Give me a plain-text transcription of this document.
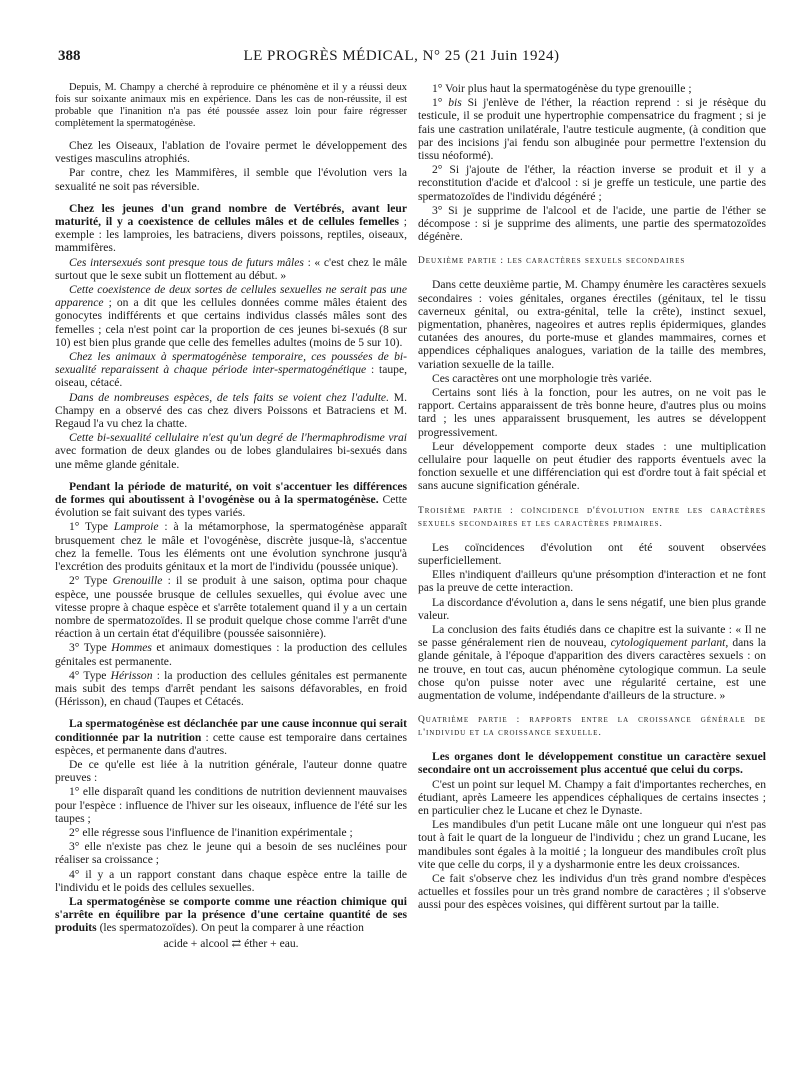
388	LE PROGRÈS MÉDICAL, N° 25 (21 Juin 1924)

Depuis, M. Champy a cherché à reproduire ce phénomène et il y a réussi deux fois sur soixante animaux mis en expérience. Dans les cas de non-réussite, il est probable que l'inanition n'a pas été poussée assez loin pour faire régresser complètement la spermatogénèse.

Chez les Oiseaux, l'ablation de l'ovaire permet le développement des vestiges masculins atrophiés.

Par contre, chez les Mammifères, il semble que l'évolution vers la sexualité ne soit pas réversible.

Chez les jeunes d'un grand nombre de Vertébrés, avant leur maturité, il y a coexistence de cellules mâles et de cellules femelles ; exemple : les lamproies, les batraciens, divers poissons, reptiles, oiseaux, mammifères.

Ces intersexués sont presque tous de futurs mâles : « c'est chez le mâle surtout que le sexe subit un flottement au début. »

Cette coexistence de deux sortes de cellules sexuelles ne serait pas une apparence ; on a dit que les cellules données comme mâles étaient des gonocytes indifférents et que certains individus classés mâles sont des femelles ; cela n'est point car la proportion de ces jeunes bi-sexués (8 sur 10) est bien plus grande que celle des femelles adultes (moins de 5 sur 10).

Chez les animaux à spermatogénèse temporaire, ces poussées de bi-sexualité reparaissent à chaque période inter-spermatogénétique : taupe, oiseau, cétacé.

Dans de nombreuses espèces, de tels faits se voient chez l'adulte. M. Champy en a observé des cas chez divers Poissons et Batraciens et M. Regaud l'a vu chez la chatte.

Cette bi-sexualité cellulaire n'est qu'un degré de l'hermaphrodisme vrai avec formation de deux glandes ou de lobes glandulaires bi-sexués dans une même glande génitale.

Pendant la période de maturité, on voit s'accentuer les différences de formes qui aboutissent à l'ovogénèse ou à la spermatogénèse. Cette évolution se fait suivant des types variés.

1° Type Lamproie : à la métamorphose, la spermatogénèse apparaît brusquement chez le mâle et l'ovogénèse, discrète jusque-là, s'accentue chez la femelle. Tous les éléments ont une évolution synchrone jusqu'à l'excrétion des produits génitaux et la mort de l'individu (poussée unique).

2° Type Grenouille : il se produit à une saison, optima pour chaque espèce, une poussée brusque de cellules sexuelles, qui évolue avec une vitesse propre à chaque espèce et s'arrête totalement quand il y a un certain nombre de spermatozoïdes. Il se produit quelque chose comme l'arrêt d'une réaction à un certain état d'équilibre (poussée saisonnière).

3° Type Hommes et animaux domestiques : la production des cellules génitales est permanente.

4° Type Hérisson : la production des cellules génitales est permanente mais subit des temps d'arrêt pendant les saisons défavorables, en froid (Hérisson), en chaud (Taupes et Cétacés.

La spermatogénèse est déclanchée par une cause inconnue qui serait conditionnée par la nutrition : cette cause est temporaire dans certaines espèces, et permanente dans d'autres.

De ce qu'elle est liée à la nutrition générale, l'auteur donne quatre preuves :

1° elle disparaît quand les conditions de nutrition deviennent mauvaises pour l'espèce : influence de l'hiver sur les oiseaux, influence de l'été sur les taupes ;

2° elle régresse sous l'influence de l'inanition expérimentale ;

3° elle n'existe pas chez le jeune qui a besoin de ses nucléines pour réaliser sa croissance ;

4° il y a un rapport constant dans chaque espèce entre la taille de l'individu et le poids des cellules sexuelles.

La spermatogénèse se comporte comme une réaction chimique qui s'arrête en équilibre par la présence d'une certaine quantité de ses produits (les spermatozoïdes). On peut la comparer à une réaction

acide + alcool ⇄ éther + eau.

1° Voir plus haut la spermatogénèse du type grenouille ;

1° bis Si j'enlève de l'éther, la réaction reprend : si je résèque du testicule, il se produit une hypertrophie compensatrice du fragment ; si je fais une castration unilatérale, l'autre testicule augmente, (à condition que par des incisions j'ai fendu son albuginée pour permettre l'extension du tissu néoformé).

2° Si j'ajoute de l'éther, la réaction inverse se produit et il y a reconstitution d'acide et d'alcool : si je greffe un testicule, une partie des spermatozoïdes de l'individu dégénéré ;

3° Si je supprime de l'alcool et de l'acide, une partie de l'éther se décompose : si je supprime des aliments, une partie des spermatozoïdes dégénère.

Deuxième partie : les caractères sexuels secondaires

Dans cette deuxième partie, M. Champy énumère les caractères sexuels secondaires : voies génitales, organes érectiles (génitaux, tel le tissu caverneux génital, ou extra-génital, telle la crête), instinct sexuel, pigmentation, phanères, nageoires et autres replis épidermiques, glandes cutanées des anoures, du porte-muse et glandes mammaires, cornes et appendices céphaliques analogues, variation de la taille des membres, variation sexuelle de la taille.

Ces caractères ont une morphologie très variée.

Certains sont liés à la fonction, pour les autres, on ne voit pas le rapport. Certains apparaissent de très bonne heure, d'autres plus ou moins tard ; les unes apparaissent brusquement, les autres se développent progressivement.

Leur développement comporte deux stades : une multiplication cellulaire pour laquelle on peut étudier des rapports éventuels avec la fonction sexuelle et une différenciation qui est d'ordre tout à fait spécial et sans aucune signification générale.

Troisième partie : coïncidence d'évolution entre les caractères sexuels secondaires et les caractères primaires.

Les coïncidences d'évolution ont été souvent observées superficiellement.

Elles n'indiquent d'ailleurs qu'une présomption d'interaction et ne font pas la preuve de cette interaction.

La discordance d'évolution a, dans le sens négatif, une bien plus grande valeur.

La conclusion des faits étudiés dans ce chapitre est la suivante : « Il ne se passe généralement rien de nouveau, cytologiquement parlant, dans la glande génitale, à l'époque d'apparition des divers caractères sexuels : on ne trouve, en tout cas, aucun phénomène cytologique commun. La seule chose qu'on puisse noter avec une régularité certaine, est une augmentation de volume, indépendante d'ailleurs de la structure. »

Quatrième partie : rapports entre la croissance générale de l'individu et la croissance sexuelle.

Les organes dont le développement constitue un caractère sexuel secondaire ont un accroissement plus accentué que celui du corps.

C'est un point sur lequel M. Champy a fait d'importantes recherches, en étudiant, après Lameere les appendices céphaliques de certains insectes ; en particulier chez le Lucane et chez le Dynaste.

Les mandibules d'un petit Lucane mâle ont une longueur qui n'est pas tout à fait le quart de la longueur de l'individu ; chez un grand Lucane, les mandibules sont égales à la moitié ; la longueur des mandibules croît plus vite que celle du corps, il y a dysharmonie entre les deux croissances.

Ce fait s'observe chez les individus d'un très grand nombre d'espèces actuelles et fossiles pour un très grand nombre de caractères ; il s'observe aussi pour des espèces voisines, qui diffèrent surtout par la taille.
